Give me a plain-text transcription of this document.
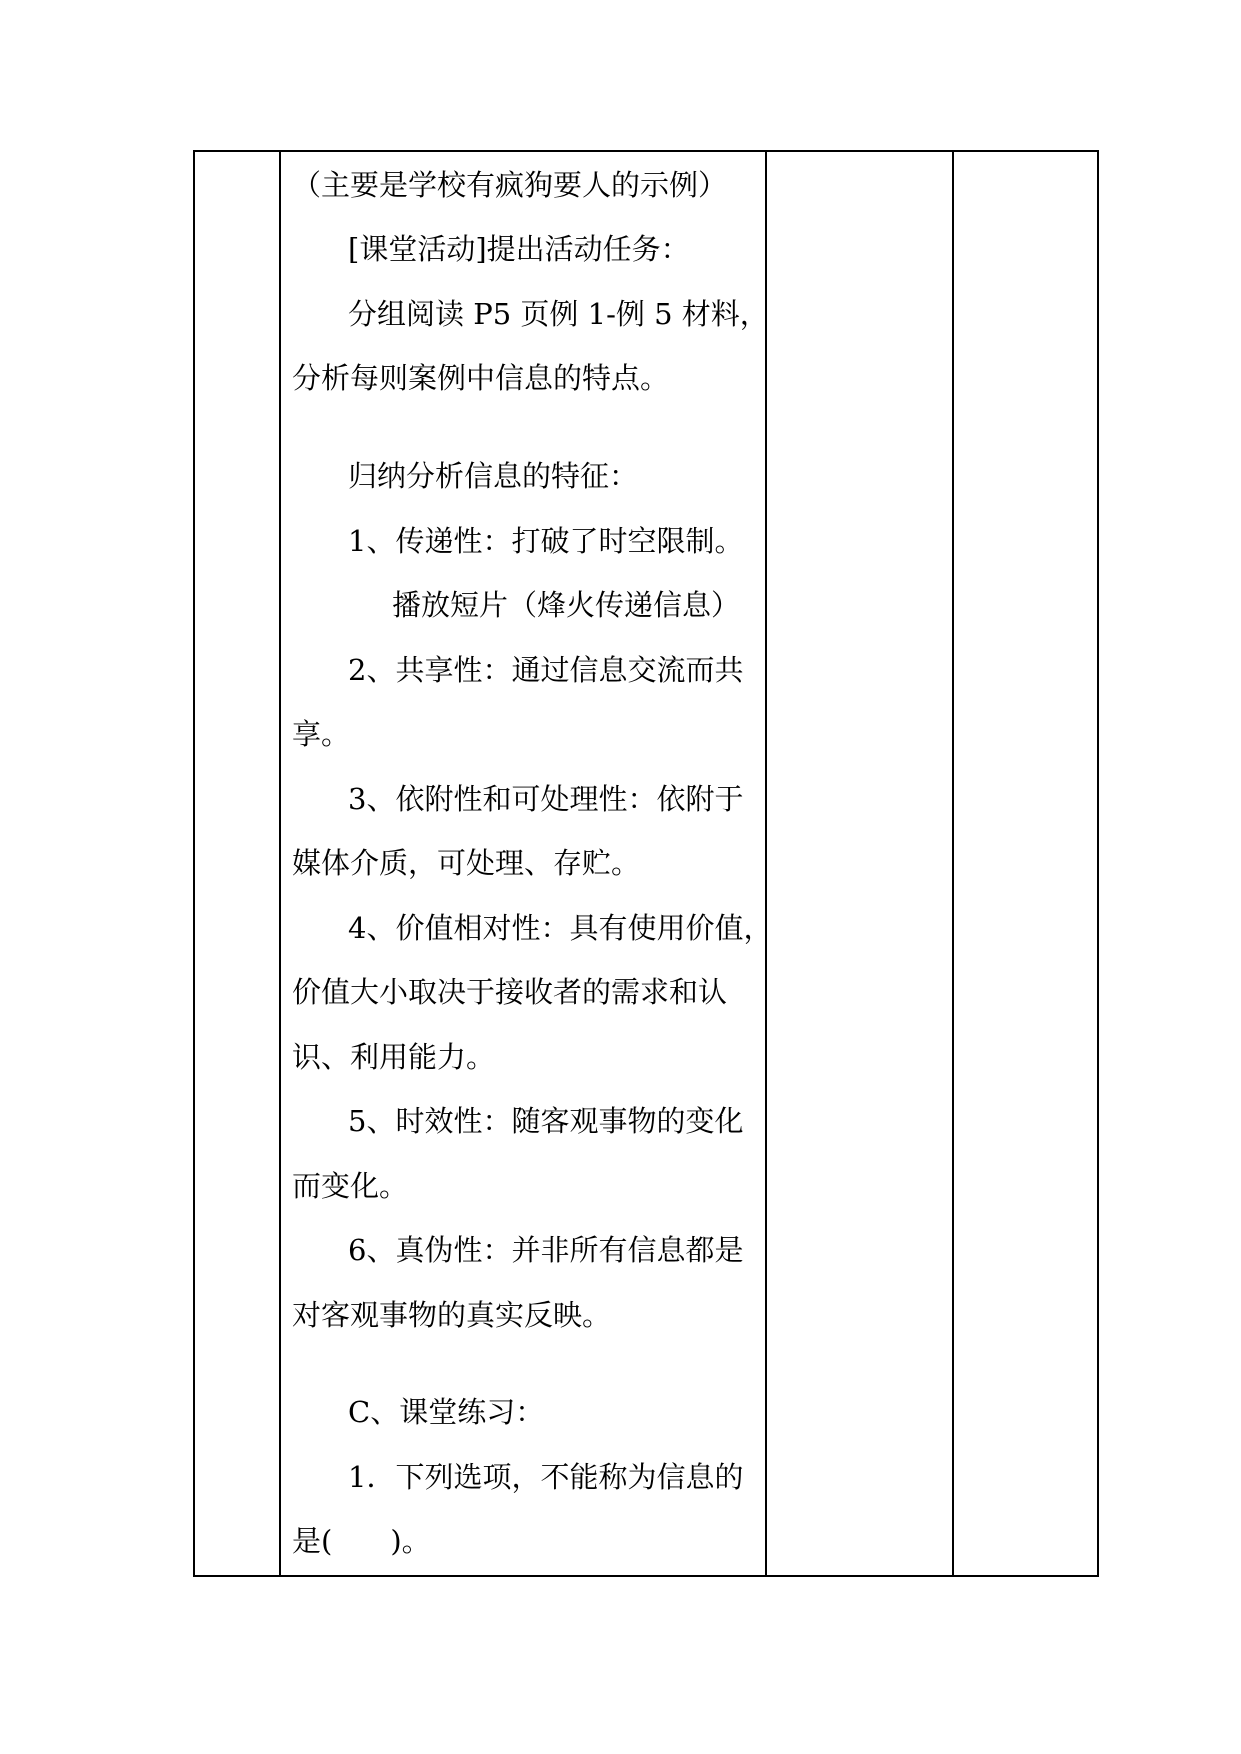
（主要是学校有疯狗要人的示例）
[课堂活动]提出活动任务：
分组阅读 P5 页例 1-例 5 材料，
分析每则案例中信息的特点。
归纳分析信息的特征：
1、传递性：打破了时空限制。
播放短片（烽火传递信息）
2、共享性：通过信息交流而共
享。
3、依附性和可处理性：依附于
媒体介质，可处理、存贮。
4、价值相对性：具有使用价值，
价值大小取决于接收者的需求和认
识、利用能力。
5、时效性：随客观事物的变化
而变化。
6、真伪性：并非所有信息都是
对客观事物的真实反映。
C、课堂练习：
1．下列选项，不能称为信息的
是(　　)。
